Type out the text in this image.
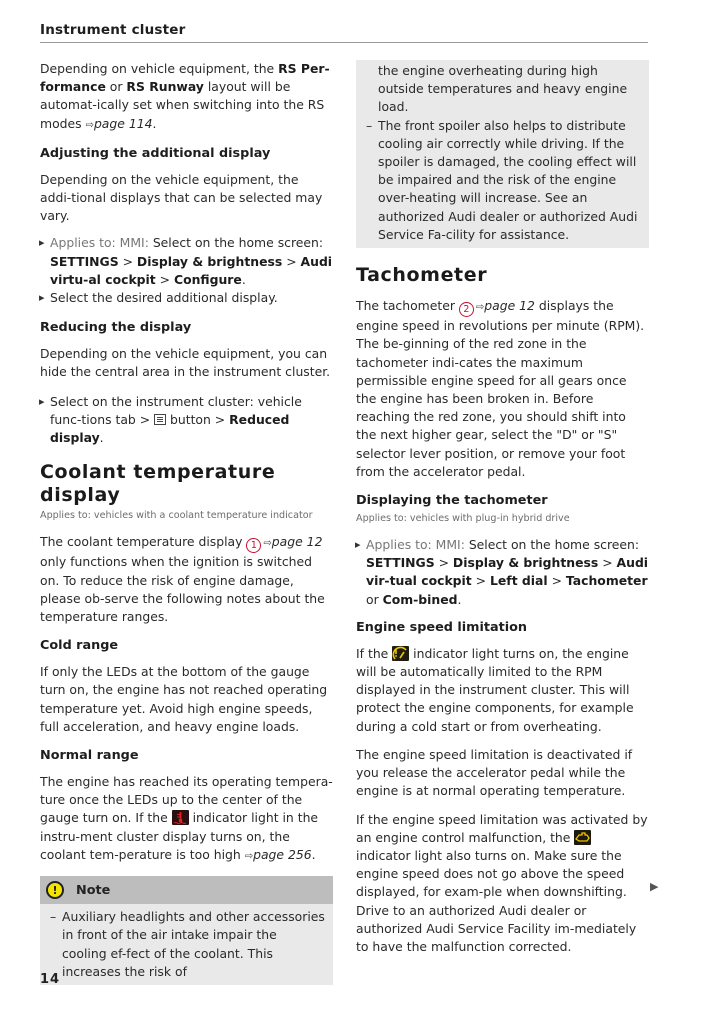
Instrument cluster

Depending on vehicle equipment, the RS Per-formance or RS Runway layout will be automat-ically set when switching into the RS modes ⇨page 114.

Adjusting the additional display

Depending on the vehicle equipment, the addi-tional displays that can be selected may vary.

▸ Applies to: MMI: Select on the home screen: SETTINGS > Display & brightness > Audi virtu-al cockpit > Configure.

▸ Select the desired additional display.

Reducing the display

Depending on the vehicle equipment, you can hide the central area in the instrument cluster.

▸ Select on the instrument cluster: vehicle func-tions tab >  button > Reduced display.

Coolant temperature display
Applies to: vehicles with a coolant temperature indicator

The coolant temperature display 1 ⇨page 12 only functions when the ignition is switched on. To reduce the risk of engine damage, please ob-serve the following notes about the temperature ranges.

Cold range

If only the LEDs at the bottom of the gauge turn on, the engine has not reached operating temperature yet. Avoid high engine speeds, full acceleration, and heavy engine loads.

Normal range

The engine has reached its operating tempera-ture once the LEDs up to the center of the gauge turn on. If the  indicator light in the instru-ment cluster display turns on, the coolant tem-perature is too high ⇨page 256.

!	Note

– Auxiliary headlights and other accessories in front of the air intake impair the cooling ef-fect of the coolant. This increases the risk of

the engine overheating during high outside temperatures and heavy engine load.

– The front spoiler also helps to distribute cooling air correctly while driving. If the spoiler is damaged, the cooling effect will be impaired and the risk of the engine over-heating will increase. See an authorized Audi dealer or authorized Audi Service Fa-cility for assistance.

Tachometer

The tachometer 2 ⇨page 12 displays the engine speed in revolutions per minute (RPM). The be-ginning of the red zone in the tachometer indi-cates the maximum permissible engine speed for all gears once the engine has been broken in. Before reaching the red zone, you should shift into the next higher gear, select the "D" or "S" selector lever position, or remove your foot from the accelerator pedal.

Displaying the tachometer
Applies to: vehicles with plug-in hybrid drive

▸ Applies to: MMI: Select on the home screen: SETTINGS > Display & brightness > Audi vir-tual cockpit > Left dial > Tachometer or Com-bined.

Engine speed limitation

If the  indicator light turns on, the engine will be automatically limited to the RPM displayed in the instrument cluster. This will protect the engine components, for example during a cold start or from overheating.

The engine speed limitation is deactivated if you release the accelerator pedal while the engine is at normal operating temperature.

If the engine speed limitation was activated by an engine control malfunction, the  indicator light also turns on. Make sure the engine speed does not go above the speed displayed, for exam-ple when downshifting. Drive to an authorized Audi dealer or authorized Audi Service Facility im-mediately to have the malfunction corrected.

▶
14
